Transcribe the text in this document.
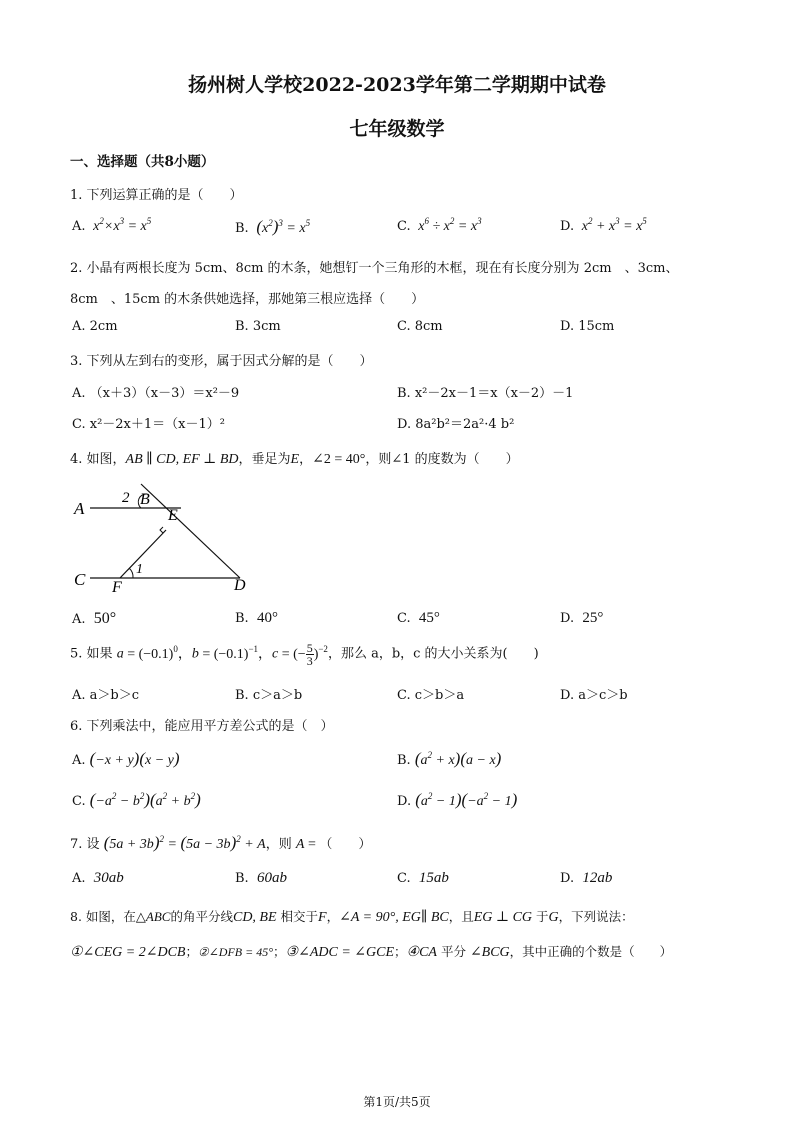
扬州树人学校2022-2023学年第二学期期中试卷
七年级数学
一、选择题（共8小题）
1. 下列运算正确的是（　　）
A.  $x^2\times x^3 = x^5$	B. $(x^2)^3 = x^5$	C.  $x^6 \div x^2 = x^3$	D.  $x^2 + x^3 = x^5$
2. 小晶有两根长度为 5cm、8cm 的木条，她想钉一个三角形的木框，现在有长度分别为 2cm　、3cm、
8cm　、15cm 的木条供她选择，那她第三根应选择（　　）
A. 2cm	B. 3cm	C. 8cm	D. 15cm
3. 下列从左到右的变形，属于因式分解的是（　　）
A. （x＋3）（x－3）＝x²－9	B. x²－2x－1＝x（x－2）－1
C. x²－2x＋1＝（x－1）²	D. 8a²b²＝2a²·4 b²
4. 如图，AB ∥ CD, EF ⊥ BD，垂足为E，∠2 = 40°，则∠1 的度数为（　　）
A	B
E
C F	D
2
1
A. 50°	B. 40°	C. 45°	D. 25°
5. 如果 $a = (-0.1)^0$，$b = (-0.1)^{-1}$，c = (− $\frac{5}{3} )^{-2}$，那么 a，b，c 的大小关系为(　　)
A. a＞b＞c	B. c＞a＞b	C. c＞b＞a	D. a＞c＞b
6. 下列乘法中，能应用平方差公式的是（　）
A. (−x + y)(x − y)	B. $(a^2 + x)(a - x)$
C. $(-a^2 - b^2)(a^2 + b^2)$	D. $(a^2 - 1)(-a^2 - 1)$
7. 设 $(5a + 3b)^2 = (5a - 3b)^2 + A$，则 A = （　　）
A. 30ab	B. 60ab	C. 15ab	D. 12ab
8. 如图，在△ABC的角平分线CD, BE 相交于F，∠A = 90°, EG∥ BC，且EG ⊥ CG 于G，下列说法：
①∠CEG = 2∠DCB；②∠DFB = 45°；③∠ADC = ∠GCE；④CA 平分 ∠BCG，其中正确的个数是（　　）
第1页/共5页
